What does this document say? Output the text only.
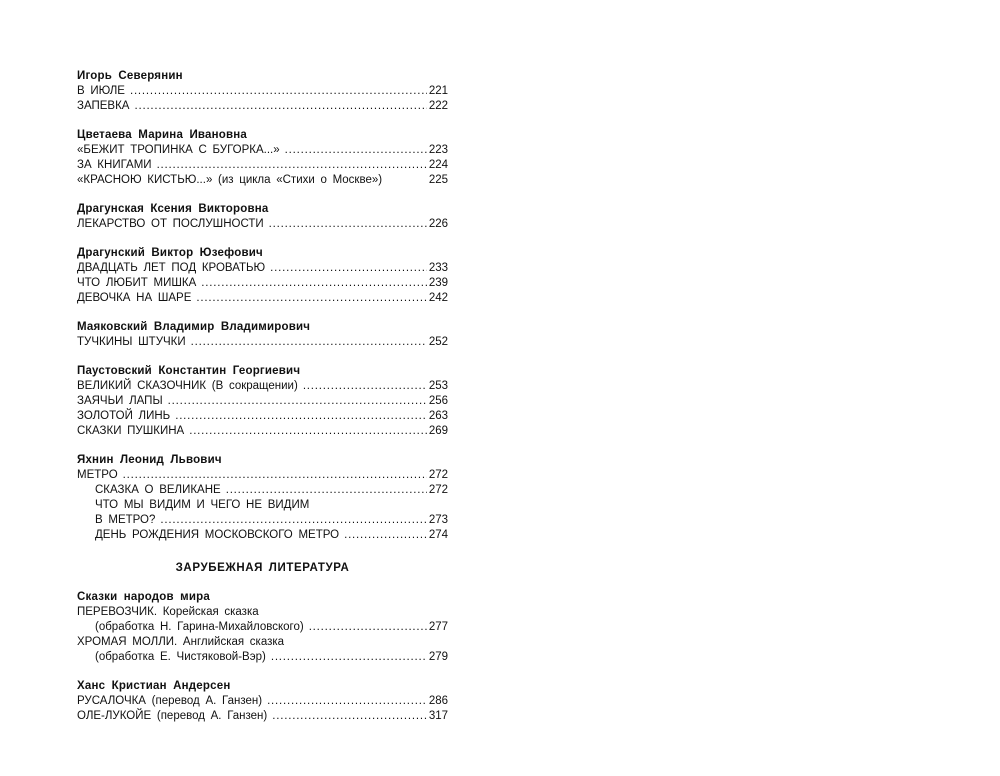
Игорь Северянин
В ИЮЛЕ . . .	221
ЗАПЕВКА . . .	222
Цветаева Марина Ивановна
«БЕЖИТ ТРОПИНКА С БУГОРКА...» . . .	223
ЗА КНИГАМИ . . .	224
«КРАСНОЮ КИСТЬЮ...» (из цикла «Стихи о Москве»)	225
Драгунская Ксения Викторовна
ЛЕКАРСТВО ОТ ПОСЛУШНОСТИ . . .	226
Драгунский Виктор Юзефович
ДВАДЦАТЬ ЛЕТ ПОД КРОВАТЬЮ . . .	233
ЧТО ЛЮБИТ МИШКА . . .	239
ДЕВОЧКА НА ШАРЕ . . .	242
Маяковский Владимир Владимирович
ТУЧКИНЫ ШТУЧКИ . . .	252
Паустовский Константин Георгиевич
ВЕЛИКИЙ СКАЗОЧНИК (В сокращении) . . .	253
ЗАЯЧЬИ ЛАПЫ . . .	256
ЗОЛОТОЙ ЛИНЬ . . .	263
СКАЗКИ ПУШКИНА . . .	269
Яхнин Леонид Львович
МЕТРО . . .	272
СКАЗКА О ВЕЛИКАНЕ . . .	272
ЧТО МЫ ВИДИМ И ЧЕГО НЕ ВИДИМ
В МЕТРО? . . .	273
ДЕНЬ РОЖДЕНИЯ МОСКОВСКОГО МЕТРО . . .	274
ЗАРУБЕЖНАЯ ЛИТЕРАТУРА
Сказки народов мира
ПЕРЕВОЗЧИК. Корейская сказка
(обработка Н. Гарина-Михайловского) . . .	277
ХРОМАЯ МОЛЛИ. Английская сказка
(обработка Е. Чистяковой-Вэр) . . .	279
Ханс Кристиан Андерсен
РУСАЛОЧКА (перевод А. Ганзен) . . .	286
ОЛЕ-ЛУКОЙЕ (перевод А. Ганзен) . . .	317
